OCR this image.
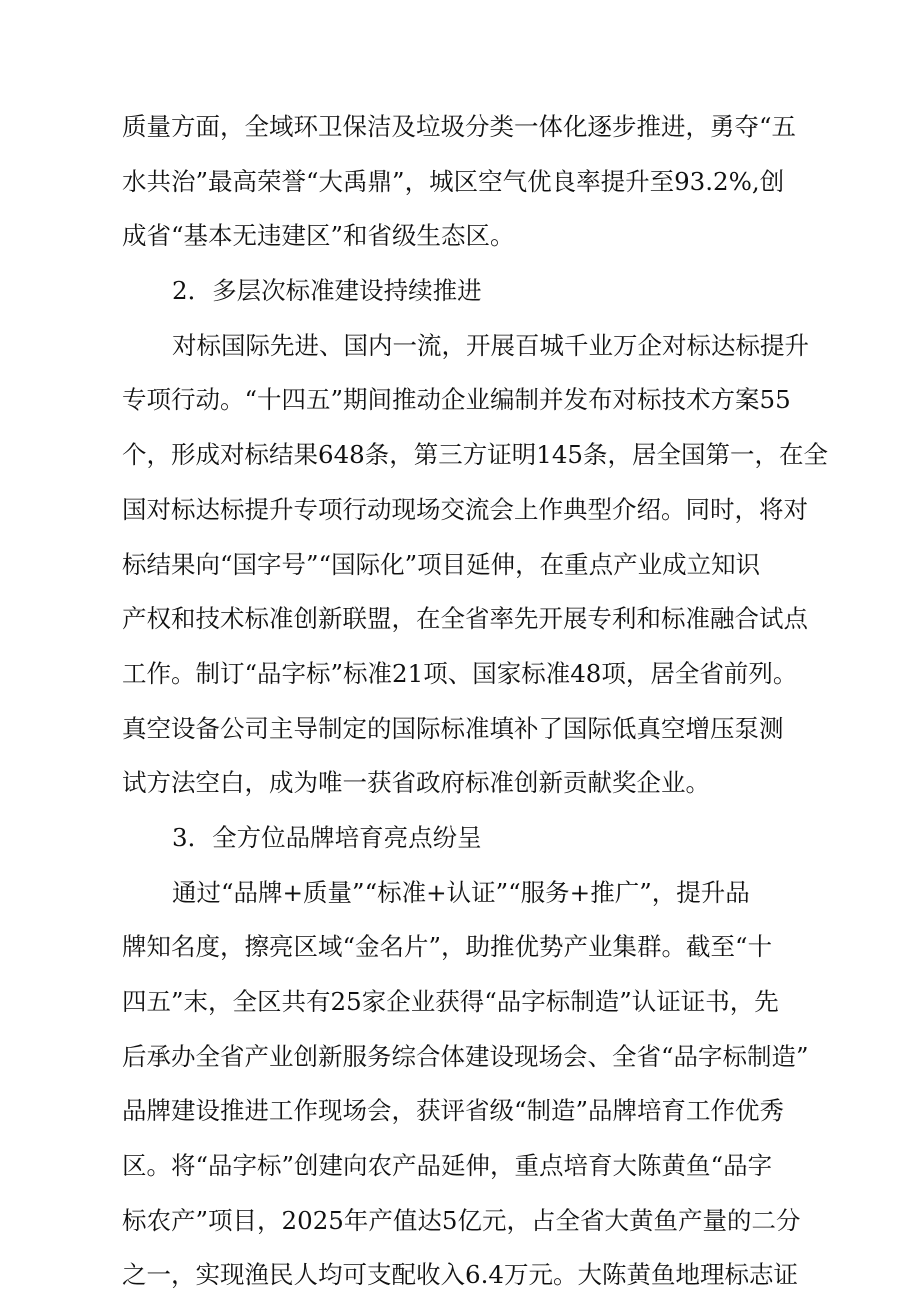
质量方面，全域环卫保洁及垃圾分类一体化逐步推进，勇夺“五
水共治”最高荣誉“大禹鼎”，城区空气优良率提升至93.2%,创
成省“基本无违建区”和省级生态区。
2．多层次标准建设持续推进
对标国际先进、国内一流，开展百城千业万企对标达标提升
专项行动。“十四五”期间推动企业编制并发布对标技术方案55
个，形成对标结果648条，第三方证明145条，居全国第一，在全
国对标达标提升专项行动现场交流会上作典型介绍。同时，将对
标结果向“国字号”“国际化”项目延伸，在重点产业成立知识
产权和技术标准创新联盟，在全省率先开展专利和标准融合试点
工作。制订“品字标”标准21项、国家标准48项，居全省前列。
真空设备公司主导制定的国际标准填补了国际低真空增压泵测
试方法空白，成为唯一获省政府标准创新贡献奖企业。
3．全方位品牌培育亮点纷呈
通过“品牌+质量”“标准+认证”“服务+推广”，提升品
牌知名度，擦亮区域“金名片”，助推优势产业集群。截至“十
四五”末，全区共有25家企业获得“品字标制造”认证证书，先
后承办全省产业创新服务综合体建设现场会、全省“品字标制造”
品牌建设推进工作现场会，获评省级“制造”品牌培育工作优秀
区。将“品字标”创建向农产品延伸，重点培育大陈黄鱼“品字
标农产”项目，2025年产值达5亿元，占全省大黄鱼产量的二分
之一，实现渔民人均可支配收入6.4万元。大陈黄鱼地理标志证
